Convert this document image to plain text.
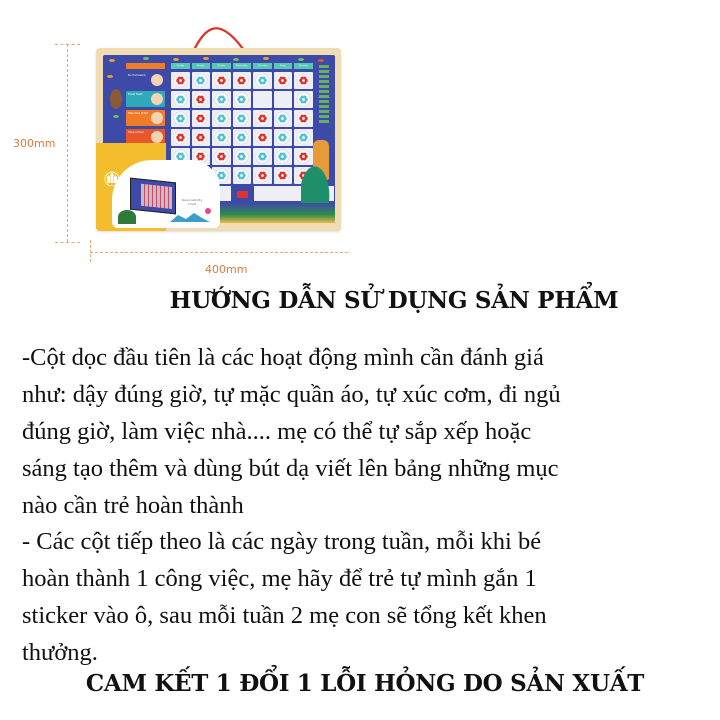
300mm
400mm
Sunday	Monday	Tuesday	Wednesday	Thursday	Friday	Saturday
Do Homework
Brush Teeth
Take Care of Pet
Have a Meal
Responsibility Chart
HƯỚNG DẪN SỬ DỤNG SẢN PHẨM
-Cột dọc đầu tiên là các hoạt động mình cần đánh giá
như: dậy đúng giờ, tự mặc quần áo, tự xúc cơm, đi ngủ
đúng giờ, làm việc nhà.... mẹ có thể tự sắp xếp hoặc
sáng tạo thêm và dùng bút dạ viết lên bảng những mục
nào cần trẻ hoàn thành
- Các cột tiếp theo là các ngày trong tuần, mỗi khi bé
hoàn thành 1 công việc, mẹ hãy để trẻ tự mình gắn 1
sticker vào ô, sau mỗi tuần 2 mẹ con sẽ tổng kết khen
thưởng.
CAM KẾT 1 ĐỔI 1 LỖI HỎNG DO SẢN XUẤT
